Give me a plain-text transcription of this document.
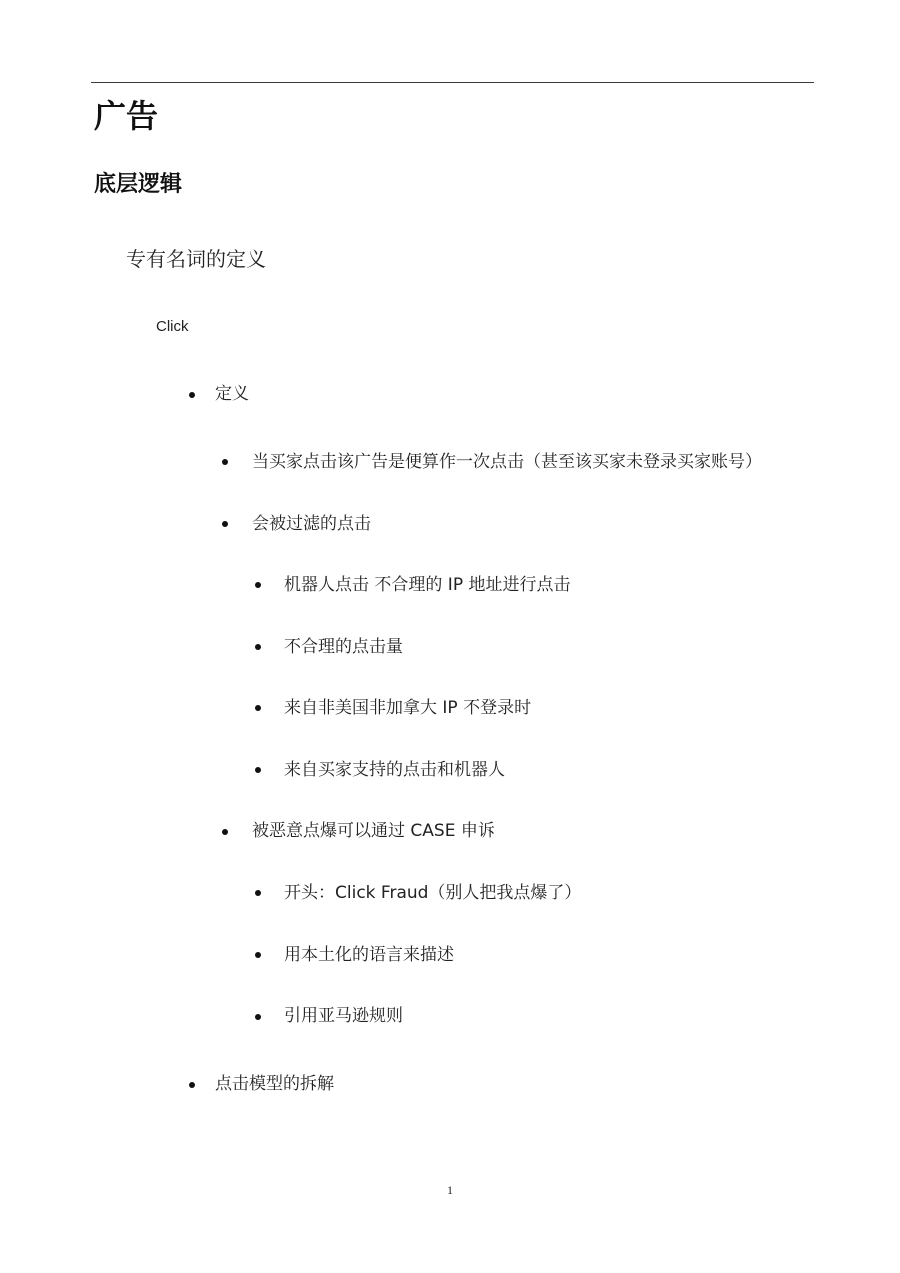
广告
底层逻辑
专有名词的定义
Click
定义
当买家点击该广告是便算作一次点击（甚至该买家未登录买家账号）
会被过滤的点击
机器人点击 不合理的 IP 地址进行点击
不合理的点击量
来自非美国非加拿大 IP 不登录时
来自买家支持的点击和机器人
被恶意点爆可以通过 CASE 申诉
开头：Click Fraud（别人把我点爆了）
用本土化的语言来描述
引用亚马逊规则
点击模型的拆解
1
